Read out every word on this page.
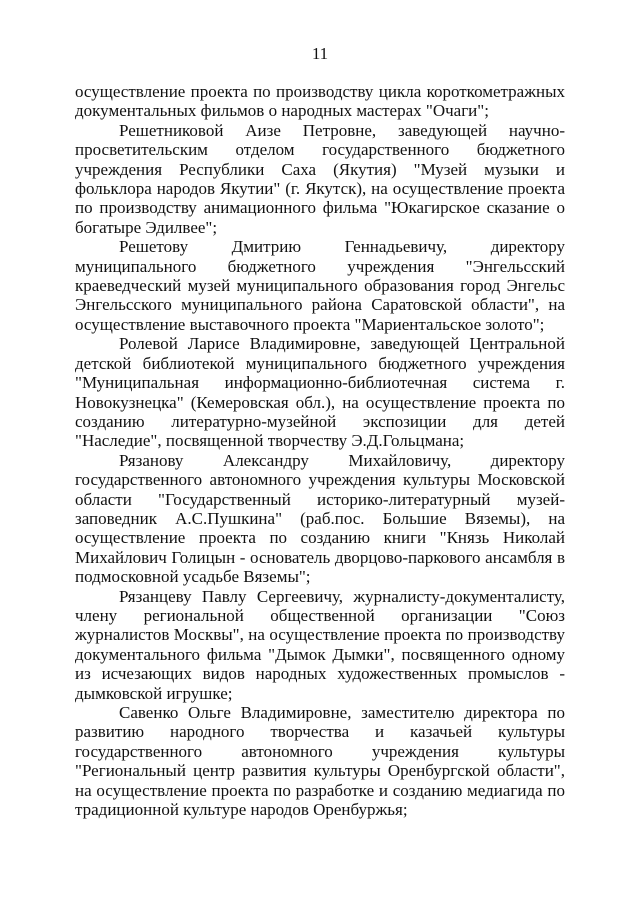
11

осуществление проекта по производству цикла короткометражных документальных фильмов о народных мастерах "Очаги";

Решетниковой Аизе Петровне, заведующей научно-просветительским отделом государственного бюджетного учреждения Республики Саха (Якутия) "Музей музыки и фольклора народов Якутии" (г. Якутск), на осуществление проекта по производству анимационного фильма "Юкагирское сказание о богатыре Эдилвее";

Решетову Дмитрию Геннадьевичу, директору муниципального бюджетного учреждения "Энгельсский краеведческий музей муниципального образования город Энгельс Энгельсского муниципального района Саратовской области", на осуществление выставочного проекта "Мариентальское золото";

Ролевой Ларисе Владимировне, заведующей Центральной детской библиотекой муниципального бюджетного учреждения "Муниципальная информационно-библиотечная система г. Новокузнецка" (Кемеровская обл.), на осуществление проекта по созданию литературно-музейной экспозиции для детей "Наследие", посвященной творчеству Э.Д.Гольцмана;

Рязанову Александру Михайловичу, директору государственного автономного учреждения культуры Московской области "Государственный историко-литературный музей-заповедник А.С.Пушкина" (раб.пос. Большие Вяземы), на осуществление проекта по созданию книги "Князь Николай Михайлович Голицын - основатель дворцово-паркового ансамбля в подмосковной усадьбе Вяземы";

Рязанцеву Павлу Сергеевичу, журналисту-документалисту, члену региональной общественной организации "Союз журналистов Москвы", на осуществление проекта по производству документального фильма "Дымок Дымки", посвященного одному из исчезающих видов народных художественных промыслов - дымковской игрушке;

Савенко Ольге Владимировне, заместителю директора по развитию народного творчества и казачьей культуры государственного автономного учреждения культуры "Региональный центр развития культуры Оренбургской области", на осуществление проекта по разработке и созданию медиагида по традиционной культуре народов Оренбуржья;
